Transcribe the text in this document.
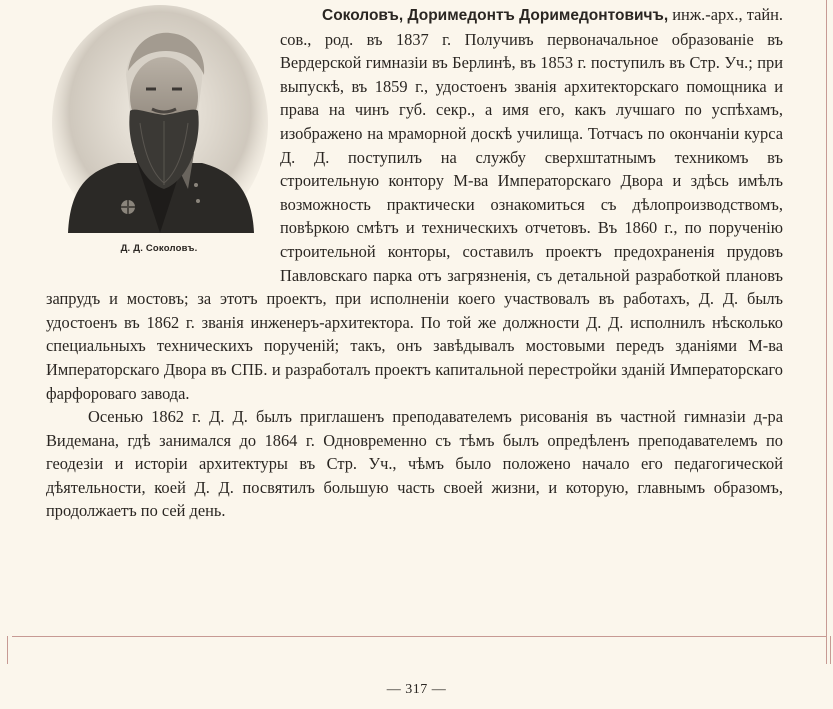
Д. Д. Соколовъ.

Соколовъ, Доримедонтъ Доримедонтовичъ, инж.-арх., тайн. сов., род. въ 1837 г. Получивъ первоначальное образованіе въ Вердерской гимназіи въ Берлинѣ, въ 1853 г. поступилъ въ Стр. Уч.; при выпускѣ, въ 1859 г., удостоенъ званія архитекторскаго помощника и права на чинъ губ. секр., а имя его, какъ лучшаго по успѣхамъ, изображено на мраморной доскѣ училища. Тотчасъ по окончаніи курса Д. Д. поступилъ на службу сверхштатнымъ техникомъ въ строительную контору М-ва Императорскаго Двора и здѣсь имѣлъ возможность практически ознакомиться съ дѣлопроизводствомъ, повѣркою смѣтъ и техническихъ отчетовъ. Въ 1860 г., по порученію строительной конторы, составилъ проектъ предохраненія прудовъ Павловскаго парка отъ загрязненія, съ детальной разработкой плановъ запрудъ и мостовъ; за этотъ проектъ, при исполненіи коего участвовалъ въ работахъ, Д. Д. былъ удостоенъ въ 1862 г. званія инженеръ-архитектора. По той же должности Д. Д. исполнилъ нѣсколько специальныхъ техническихъ порученій; такъ, онъ завѣдывалъ мостовыми передъ зданіями М-ва Императорскаго Двора въ СПБ. и разработалъ проектъ капитальной перестройки зданій Императорскаго фарфороваго завода.

Осенью 1862 г. Д. Д. былъ приглашенъ преподавателемъ рисованія въ частной гимназіи д-ра Видемана, гдѣ занимался до 1864 г. Одновременно съ тѣмъ былъ опредѣленъ преподавателемъ по геодезіи и исторіи архитектуры въ Стр. Уч., чѣмъ было положено начало его педагогической дѣятельности, коей Д. Д. посвятилъ большую часть своей жизни, и которую, главнымъ образомъ, продолжаетъ по сей день.

— 317 —
